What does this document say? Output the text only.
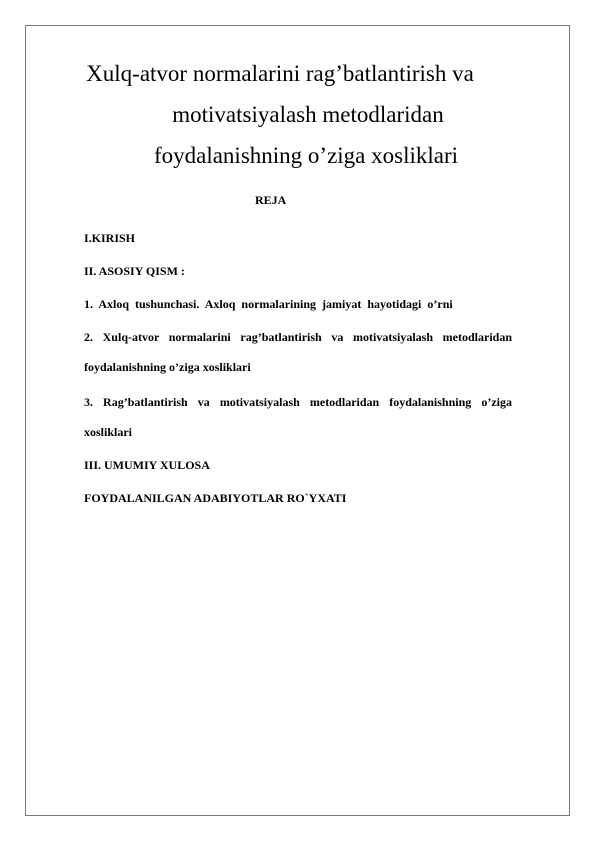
Xulq-atvor normalarini rag’batlantirish va
motivatsiyalash metodlaridan
foydalanishning o’ziga xosliklari
REJA
I.KIRISH
II. ASOSIY QISM :
1. Axloq tushunchasi. Axloq normalarining jamiyat hayotidagi o’rni
2. Xulq-atvor normalarini rag’batlantirish va motivatsiyalash metodlaridan
foydalanishning o’ziga xosliklari
3. Rag’batlantirish va motivatsiyalash metodlaridan foydalanishning o’ziga
xosliklari
III. UMUMIY XULOSA
FOYDALANILGAN ADABIYOTLAR RO`YXATI
